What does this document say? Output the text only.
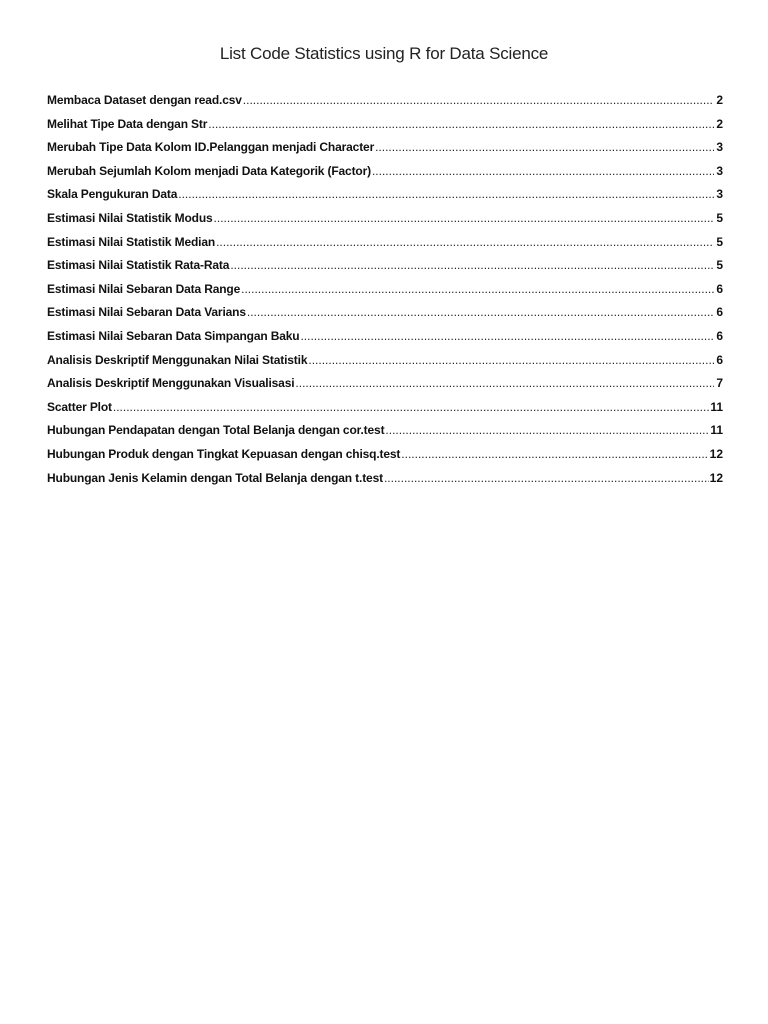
List Code Statistics using R for Data Science
Membaca Dataset dengan read.csv .....	2
Melihat Tipe Data dengan Str .....	2
Merubah Tipe Data Kolom ID.Pelanggan menjadi Character .....	3
Merubah Sejumlah Kolom menjadi Data Kategorik (Factor) .....	3
Skala Pengukuran Data .....	3
Estimasi Nilai Statistik Modus .....	5
Estimasi Nilai Statistik Median .....	5
Estimasi Nilai Statistik Rata-Rata .....	5
Estimasi Nilai Sebaran Data Range .....	6
Estimasi Nilai Sebaran Data Varians .....	6
Estimasi Nilai Sebaran Data Simpangan Baku .....	6
Analisis Deskriptif Menggunakan Nilai Statistik .....	6
Analisis Deskriptif Menggunakan Visualisasi .....	7
Scatter Plot .....	11
Hubungan Pendapatan dengan Total Belanja dengan cor.test .....	11
Hubungan Produk dengan Tingkat Kepuasan dengan chisq.test .....	12
Hubungan Jenis Kelamin dengan Total Belanja dengan t.test .....	12
